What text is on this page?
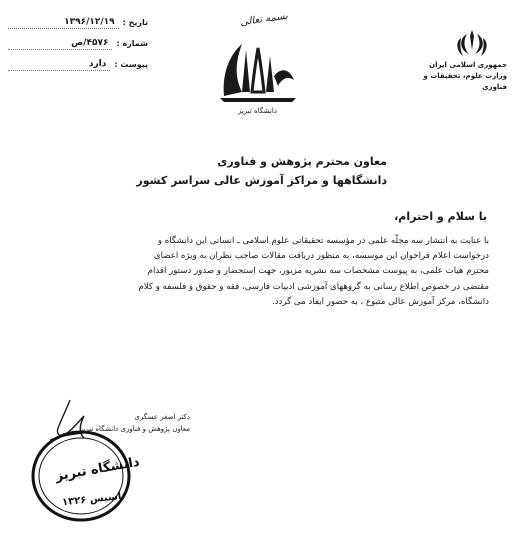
تاریخ :
۱۳۹۶/۱۲/۱۹
شماره :
۴۵۷۶/ص
پیوست :
دارد
بسمه تعالی
دانشگاه تبریز
جمهوری اسلامی ایران
وزارت علوم، تحقیقات و فناوری
معاون محترم پژوهش و فناوری
دانشگاهها و مراکز آموزش عالی سراسر کشور
با سلام و احترام،
با عنایت به انتشار سه مجلّه علمی در مؤسسه تحقیقاتی علوم اسلامی ـ انسانی این دانشگاه و
درخواست اعلام فراخوان این موسسه، به منظور دریافت مقالات صاحب نظران به ویژه اعضای
محترم هیات علمی، به پیوست مشخصات سه نشریه مزبور، جهت استحضار و صدور دستور اقدام
مقتضی در خصوص اطلاع رسانی به گروههای آموزشی ادبیات فارسی، فقه و حقوق و فلسفه و کلام
دانشگاه، مرکز آموزش عالی متبوع ، به حضور ایفاد می گردد.
دکتر اصغر عسگری
معاون پژوهش و فناوری دانشگاه تبریز
دانشگاه تبریز
تاسیس ۱۳۲۶
